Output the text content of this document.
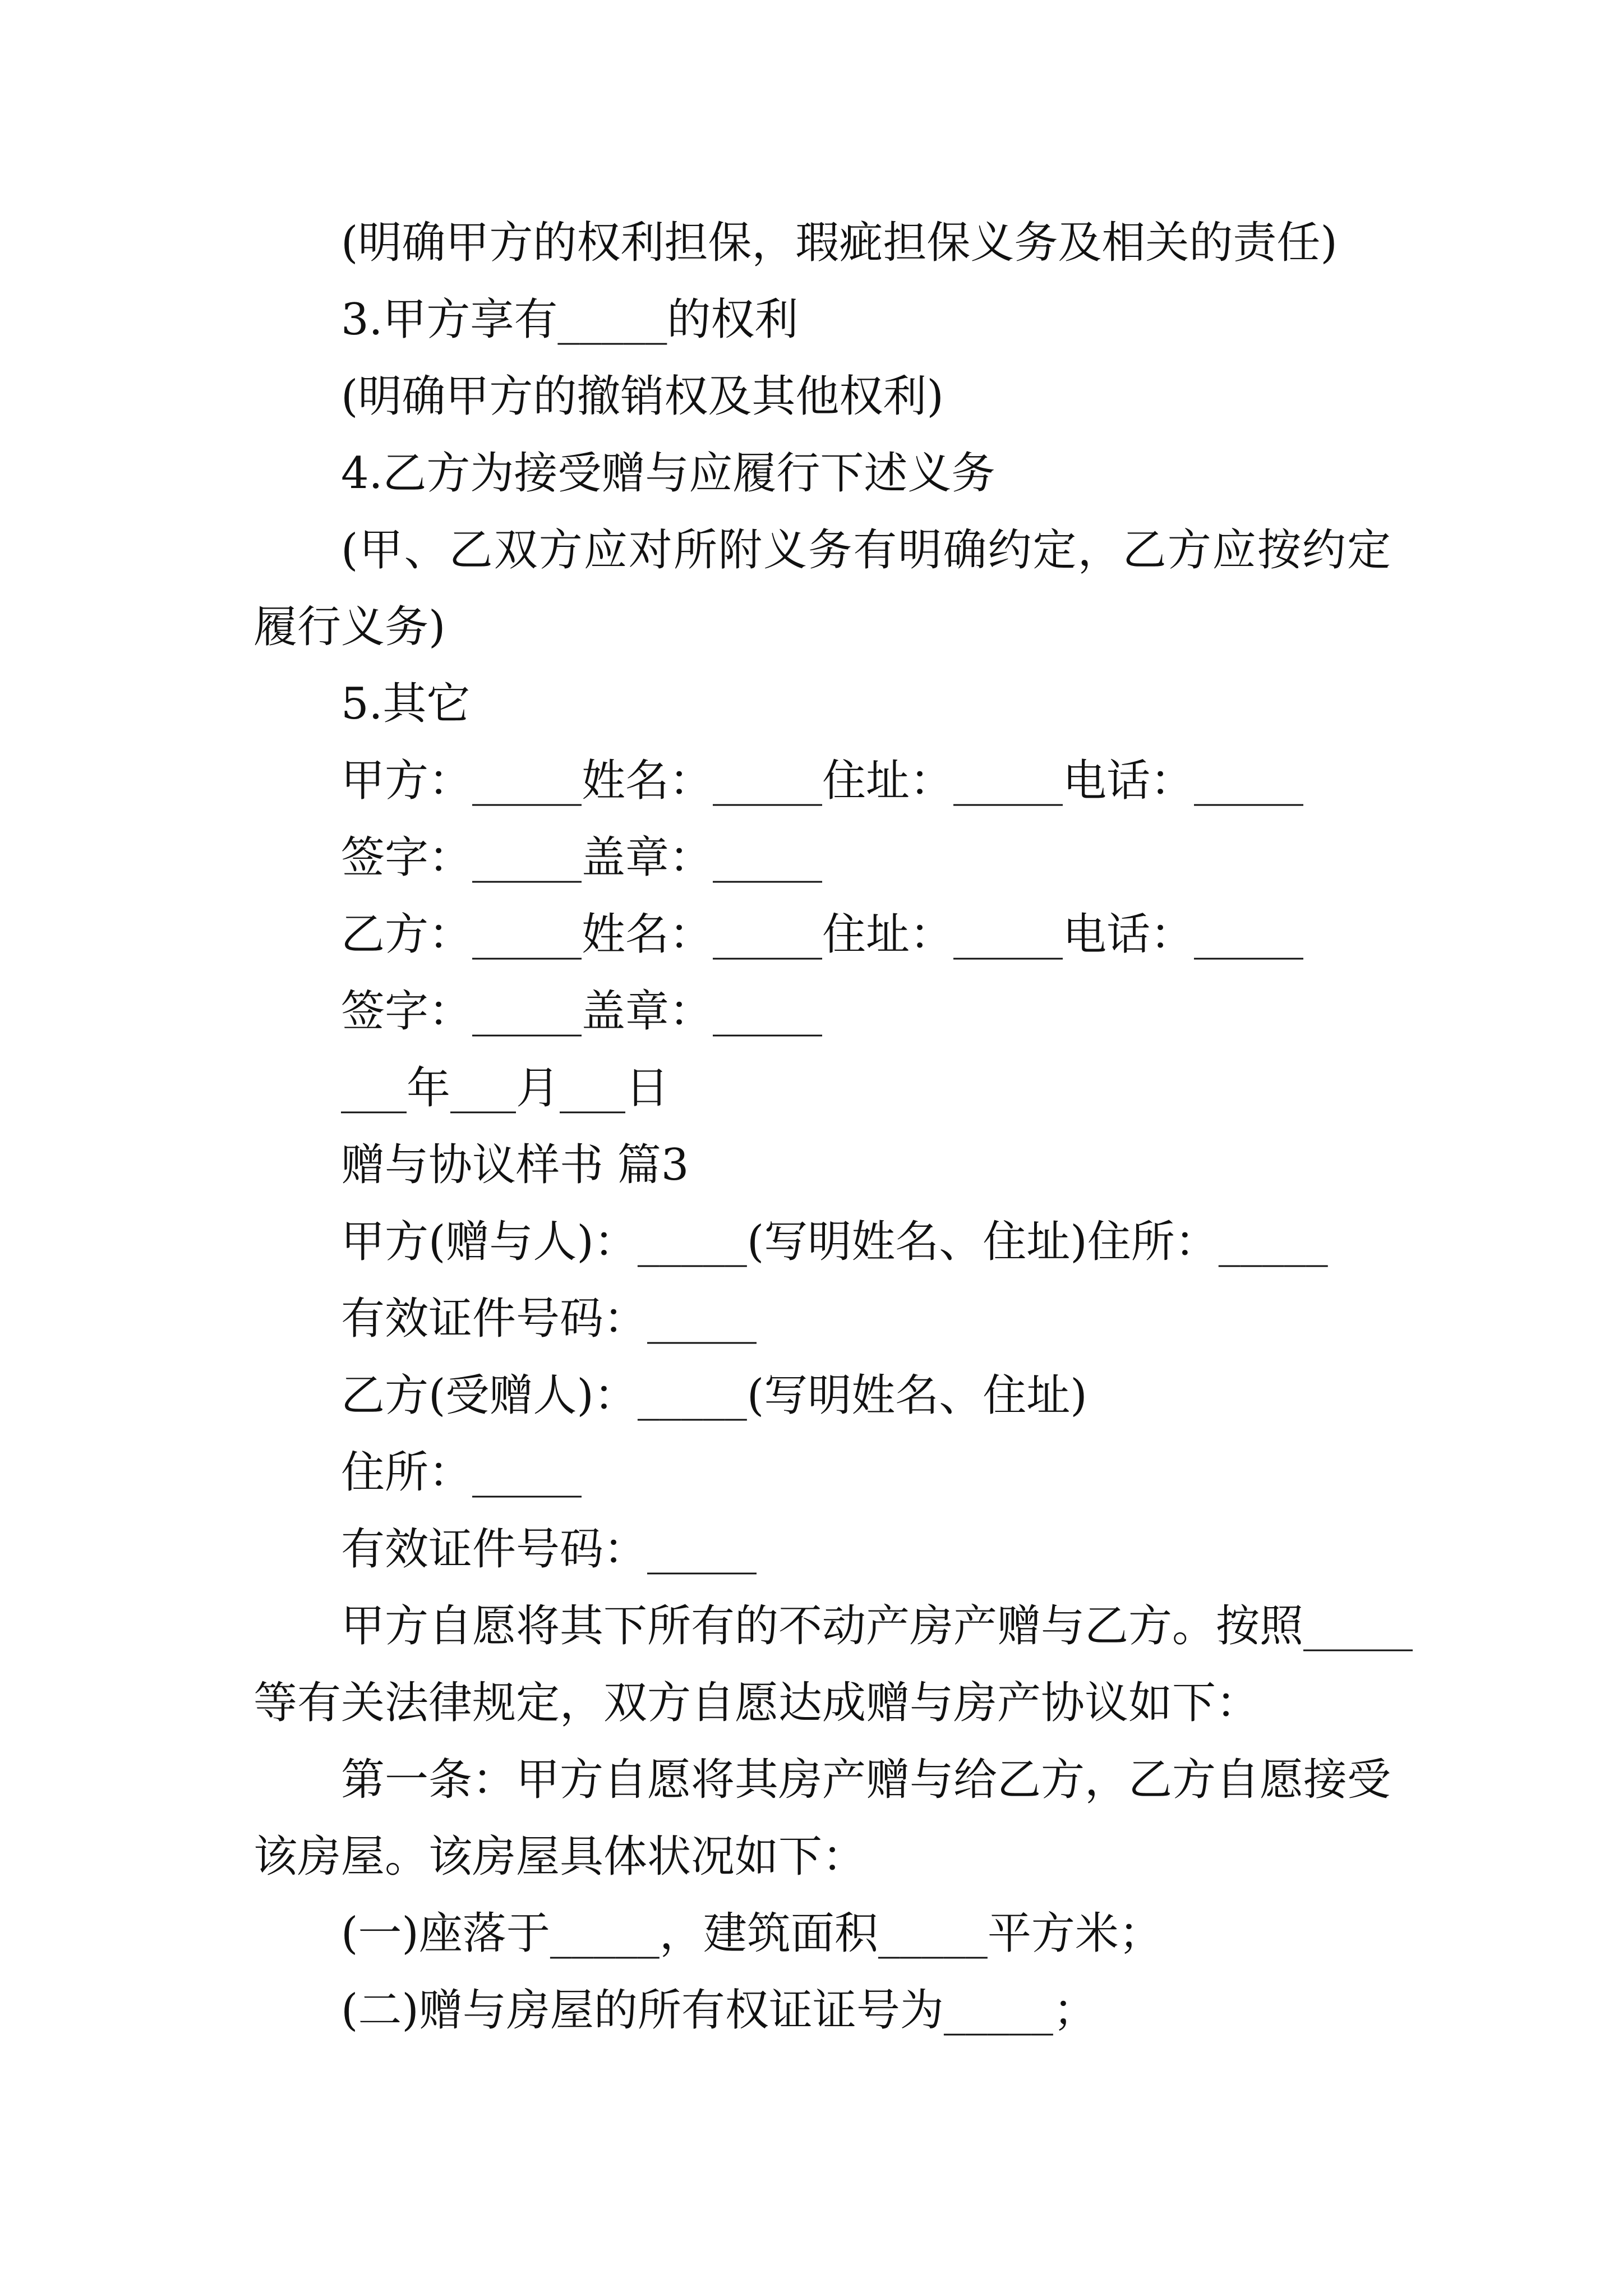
(明确甲方的权利担保，瑕疵担保义务及相关的责任)
3.甲方享有_____的权利
(明确甲方的撤销权及其他权利)
4.乙方为接受赠与应履行下述义务
(甲、乙双方应对所附义务有明确约定，乙方应按约定
履行义务)
5.其它
甲方：_____姓名：_____住址：_____电话：_____
签字：_____盖章：_____
乙方：_____姓名：_____住址：_____电话：_____
签字：_____盖章：_____
___年___月___日
赠与协议样书 篇3
甲方(赠与人)：_____(写明姓名、住址)住所：_____
有效证件号码：_____
乙方(受赠人)：_____(写明姓名、住址)
住所：_____
有效证件号码：_____
甲方自愿将其下所有的不动产房产赠与乙方。按照_____
等有关法律规定，双方自愿达成赠与房产协议如下：
第一条：甲方自愿将其房产赠与给乙方，乙方自愿接受
该房屋。该房屋具体状况如下：
(一)座落于_____，建筑面积_____平方米；
(二)赠与房屋的所有权证证号为_____；
